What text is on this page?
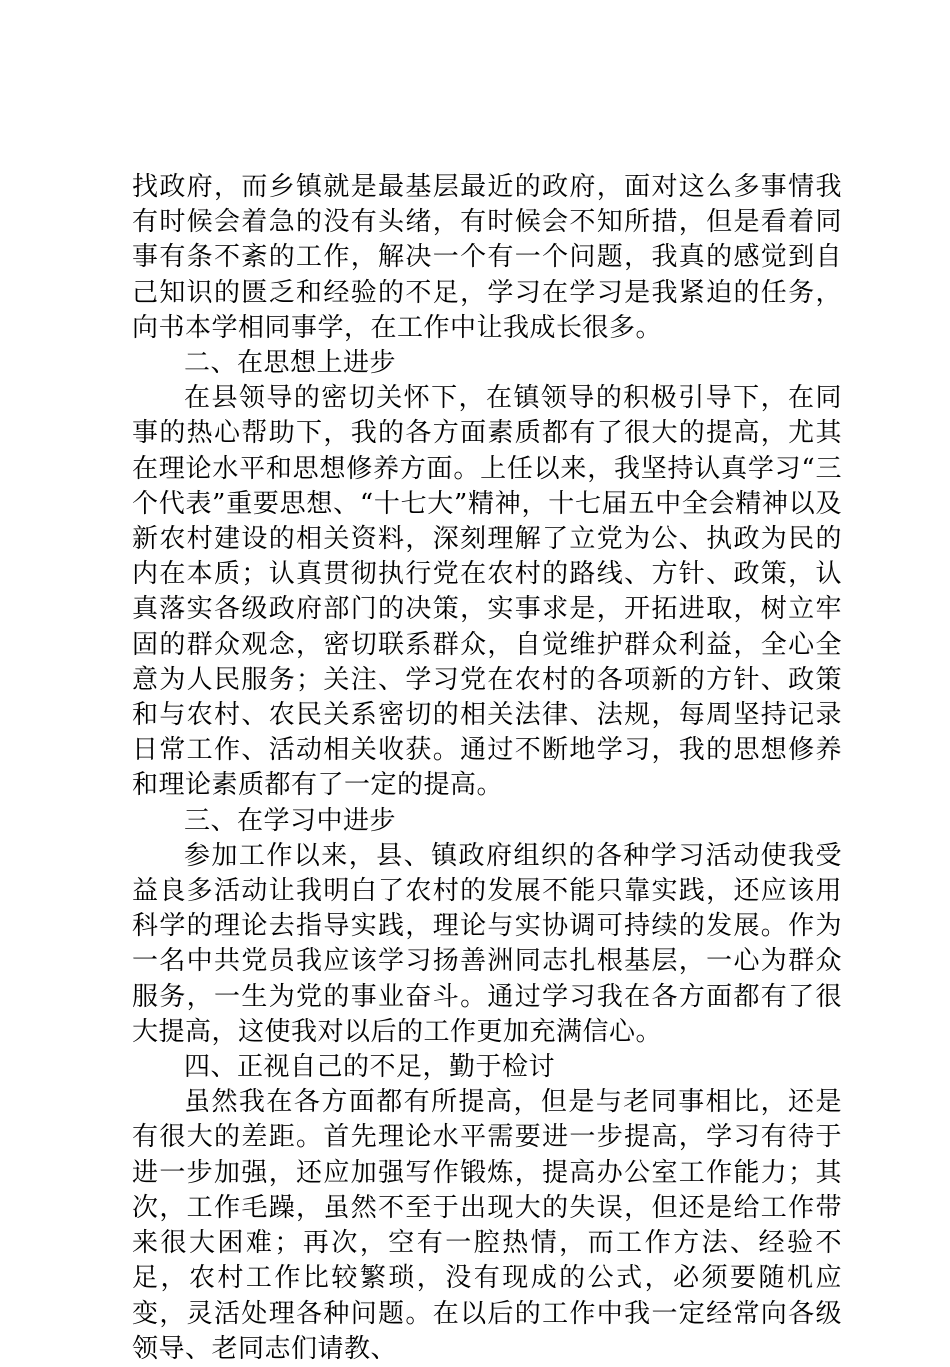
找政府，而乡镇就是最基层最近的政府，面对这么多事情我有时候会着急的没有头绪，有时候会不知所措，但是看着同事有条不紊的工作，解决一个有一个问题，我真的感觉到自己知识的匮乏和经验的不足，学习在学习是我紧迫的任务，向书本学相同事学，在工作中让我成长很多。

二、在思想上进步

在县领导的密切关怀下，在镇领导的积极引导下，在同事的热心帮助下，我的各方面素质都有了很大的提高，尤其在理论水平和思想修养方面。上任以来，我坚持认真学习“三个代表”重要思想、“十七大”精神，十七届五中全会精神以及新农村建设的相关资料，深刻理解了立党为公、执政为民的内在本质；认真贯彻执行党在农村的路线、方针、政策，认真落实各级政府部门的决策，实事求是，开拓进取，树立牢固的群众观念，密切联系群众，自觉维护群众利益，全心全意为人民服务；关注、学习党在农村的各项新的方针、政策和与农村、农民关系密切的相关法律、法规，每周坚持记录日常工作、活动相关收获。通过不断地学习，我的思想修养和理论素质都有了一定的提高。

三、在学习中进步

参加工作以来，县、镇政府组织的各种学习活动使我受益良多活动让我明白了农村的发展不能只靠实践，还应该用科学的理论去指导实践，理论与实协调可持续的发展。作为一名中共党员我应该学习扬善洲同志扎根基层，一心为群众服务，一生为党的事业奋斗。通过学习我在各方面都有了很大提高，这使我对以后的工作更加充满信心。

四、正视自己的不足，勤于检讨

虽然我在各方面都有所提高，但是与老同事相比，还是有很大的差距。首先理论水平需要进一步提高，学习有待于进一步加强，还应加强写作锻炼，提高办公室工作能力；其次，工作毛躁，虽然不至于出现大的失误，但还是给工作带来很大困难；再次，空有一腔热情，而工作方法、经验不足，农村工作比较繁琐，没有现成的公式，必须要随机应变，灵活处理各种问题。在以后的工作中我一定经常向各级领导、老同志们请教、
